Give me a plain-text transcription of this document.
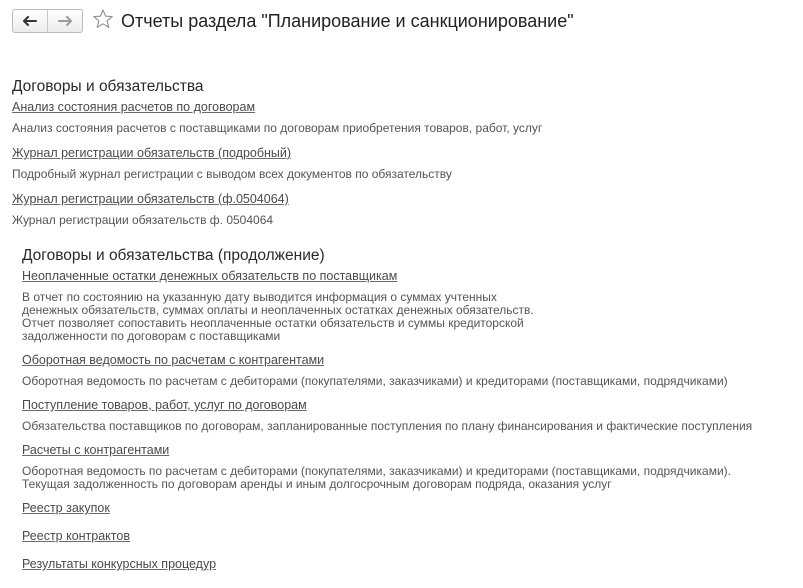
Отчеты раздела "Планирование и санкционирование"
Договоры и обязательства
Анализ состояния расчетов по договорам
Анализ состояния расчетов с поставщиками по договорам приобретения товаров, работ, услуг
Журнал регистрации обязательств (подробный)
Подробный журнал регистрации с выводом всех документов по обязательству
Журнал регистрации обязательств (ф.0504064)
Журнал регистрации обязательств ф. 0504064
Договоры и обязательства (продолжение)
Неоплаченные остатки денежных обязательств по поставщикам
В отчет по состоянию на указанную дату выводится информация о суммах учтенных
денежных обязательств, суммах оплаты и неоплаченных остатках денежных обязательств.
Отчет позволяет сопоставить неоплаченные остатки обязательств и суммы кредиторской
задолженности по договорам с поставщиками
Оборотная ведомость по расчетам с контрагентами
Оборотная ведомость по расчетам с дебиторами (покупателями, заказчиками) и кредиторами (поставщиками, подрядчиками)
Поступление товаров, работ, услуг по договорам
Обязательства поставщиков по договорам, запланированные поступления по плану финансирования и фактические поступления
Расчеты с контрагентами
Оборотная ведомость по расчетам с дебиторами (покупателями, заказчиками) и кредиторами (поставщиками, подрядчиками).
Текущая задолженность по договорам аренды и иным долгосрочным договорам подряда, оказания услуг
Реестр закупок
Реестр контрактов
Результаты конкурсных процедур
